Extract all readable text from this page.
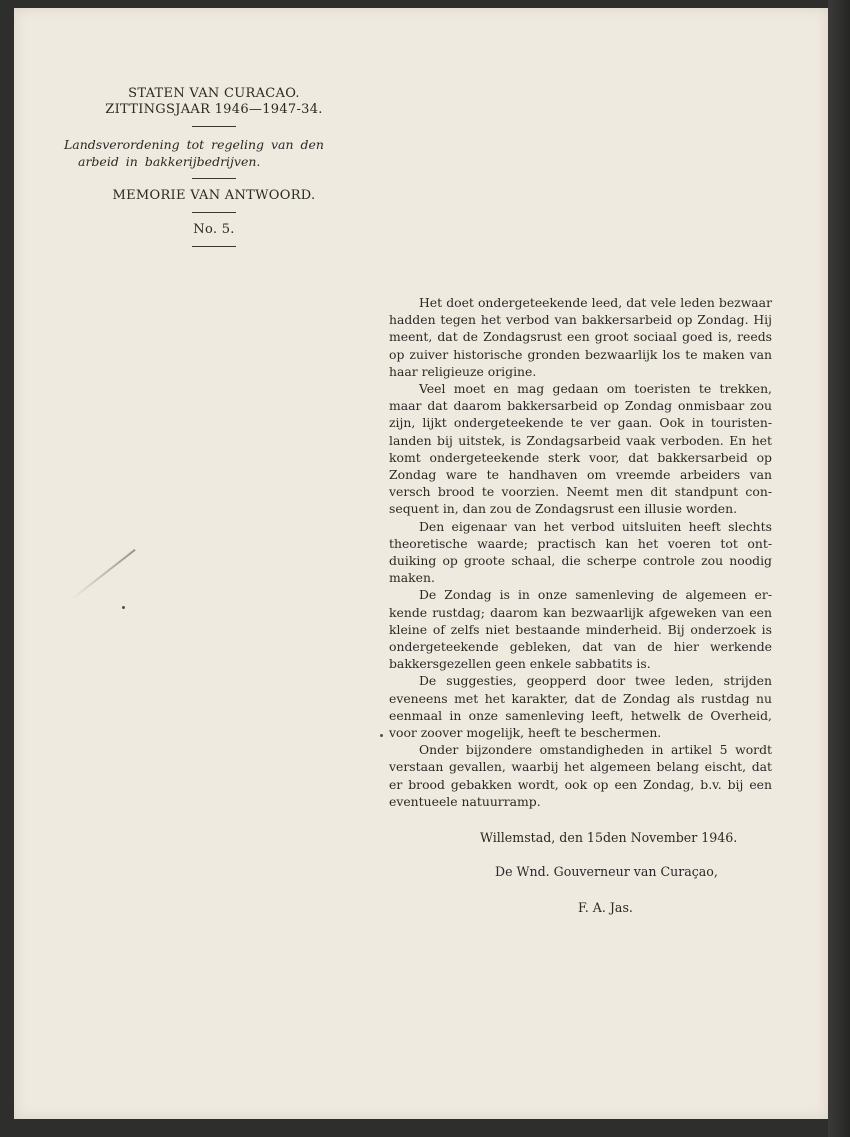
STATEN VAN CURACAO.
ZITTINGSJAAR 1946—1947-34.
Landsverordening tot regeling van den
arbeid in bakkerijbedrijven.
MEMORIE VAN ANTWOORD.
No. 5.

Het doet ondergeteekende leed, dat vele leden bezwaar hadden tegen het verbod van bakkersarbeid op Zondag. Hij meent, dat de Zondagsrust een groot sociaal goed is, reeds op zuiver historische gronden bezwaarlijk los te maken van haar religieuze origine.

Veel moet en mag gedaan om toeristen te trekken, maar dat daarom bakkersarbeid op Zondag onmisbaar zou zijn, lijkt ondergeteekende te ver gaan. Ook in touristenlanden bij uitstek, is Zondagsarbeid vaak verboden. En het komt ondergeteekende sterk voor, dat bakkersarbeid op Zondag ware te handhaven om vreemde arbeiders van versch brood te voorzien. Neemt men dit standpunt consequent in, dan zou de Zondagsrust een illusie worden.

Den eigenaar van het verbod uitsluiten heeft slechts theoretische waarde; practisch kan het voeren tot ontduiking op groote schaal, die scherpe controle zou noodig maken.

De Zondag is in onze samenleving de algemeen erkende rustdag; daarom kan bezwaarlijk afgeweken van een kleine of zelfs niet bestaande minderheid. Bij onderzoek is ondergeteekende gebleken, dat van de hier werkende bakkersgezellen geen enkele sabbatits is.

De suggesties, geopperd door twee leden, strijden eveneens met het karakter, dat de Zondag als rustdag nu eenmaal in onze samenleving leeft, hetwelk de Overheid, voor zoover mogelijk, heeft te beschermen.

Onder bijzondere omstandigheden in artikel 5 wordt verstaan gevallen, waarbij het algemeen belang eischt, dat er brood gebakken wordt, ook op een Zondag, b.v. bij een eventueele natuurramp.

Willemstad, den 15den November 1946.
De Wnd. Gouverneur van Curaçao,
F. A. Jas.
